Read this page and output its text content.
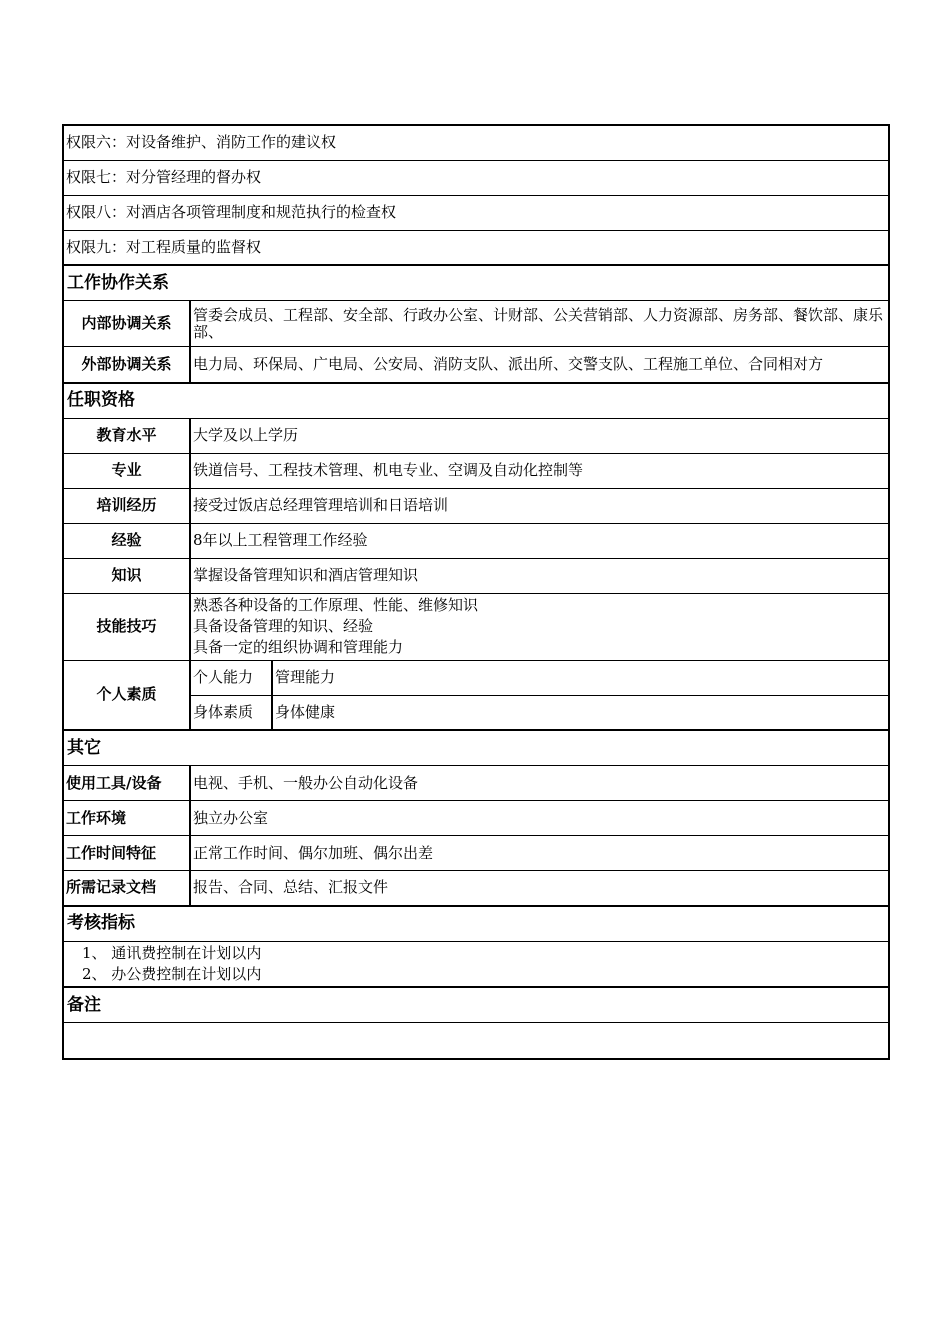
权限六：对设备维护、消防工作的建议权		
权限七：对分管经理的督办权		
权限八：对酒店各项管理制度和规范执行的检查权		
权限九：对工程质量的监督权		
工作协作关系		
内部协调关系	管委会成员、工程部、安全部、行政办公室、计财部、公关营销部、人力资源部、房务部、餐饮部、康乐部、	
外部协调关系	电力局、环保局、广电局、公安局、消防支队、派出所、交警支队、工程施工单位、合同相对方	
任职资格		
教育水平	大学及以上学历	
专业	铁道信号、工程技术管理、机电专业、空调及自动化控制等	
培训经历	接受过饭店总经理管理培训和日语培训	
经验	8年以上工程管理工作经验	
知识	掌握设备管理知识和酒店管理知识	
技能技巧	熟悉各种设备的工作原理、性能、维修知识
具备设备管理的知识、经验
具备一定的组织协调和管理能力	

个人素质	个人能力	管理能力
	身体素质	身体健康
其它		
使用工具/设备	电视、手机、一般办公自动化设备	
工作环境	独立办公室	
工作时间特征	正常工作时间、偶尔加班、偶尔出差	
所需记录文档	报告、合同、总结、汇报文件	
考核指标		

1、 通讯费控制在计划以内
2、 办公费控制在计划以内		

备注		
